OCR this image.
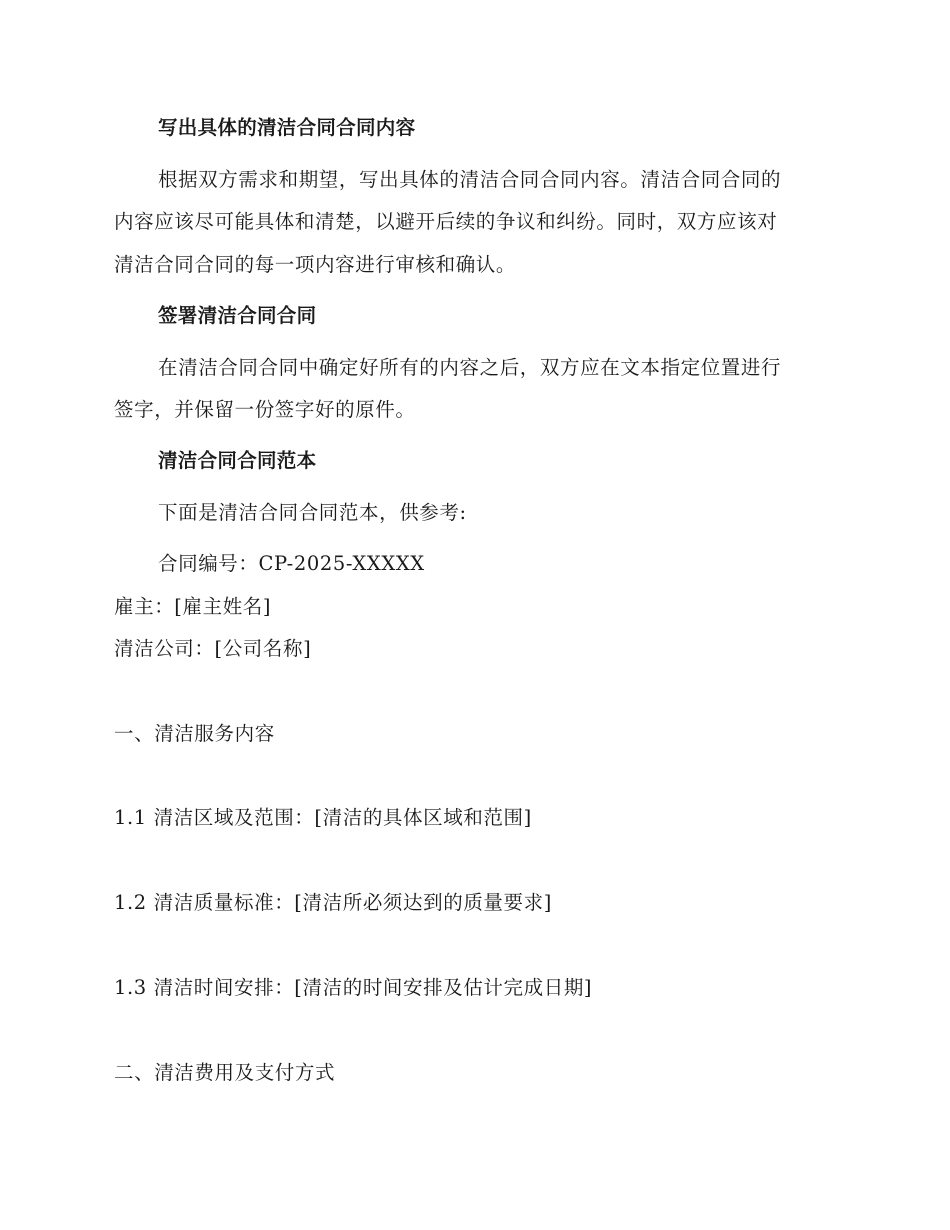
写出具体的清洁合同合同内容
根据双方需求和期望，写出具体的清洁合同合同内容。清洁合同合同的
内容应该尽可能具体和清楚，以避开后续的争议和纠纷。同时，双方应该对
清洁合同合同的每一项内容进行审核和确认。
签署清洁合同合同
在清洁合同合同中确定好所有的内容之后，双方应在文本指定位置进行
签字，并保留一份签字好的原件。
清洁合同合同范本
下面是清洁合同合同范本，供参考:
合同编号：CP-2025-XXXXX
雇主：[雇主姓名]
清洁公司：[公司名称]
一、清洁服务内容
1.1 清洁区域及范围：[清洁的具体区域和范围]
1.2 清洁质量标准：[清洁所必须达到的质量要求]
1.3 清洁时间安排：[清洁的时间安排及估计完成日期]
二、清洁费用及支付方式
